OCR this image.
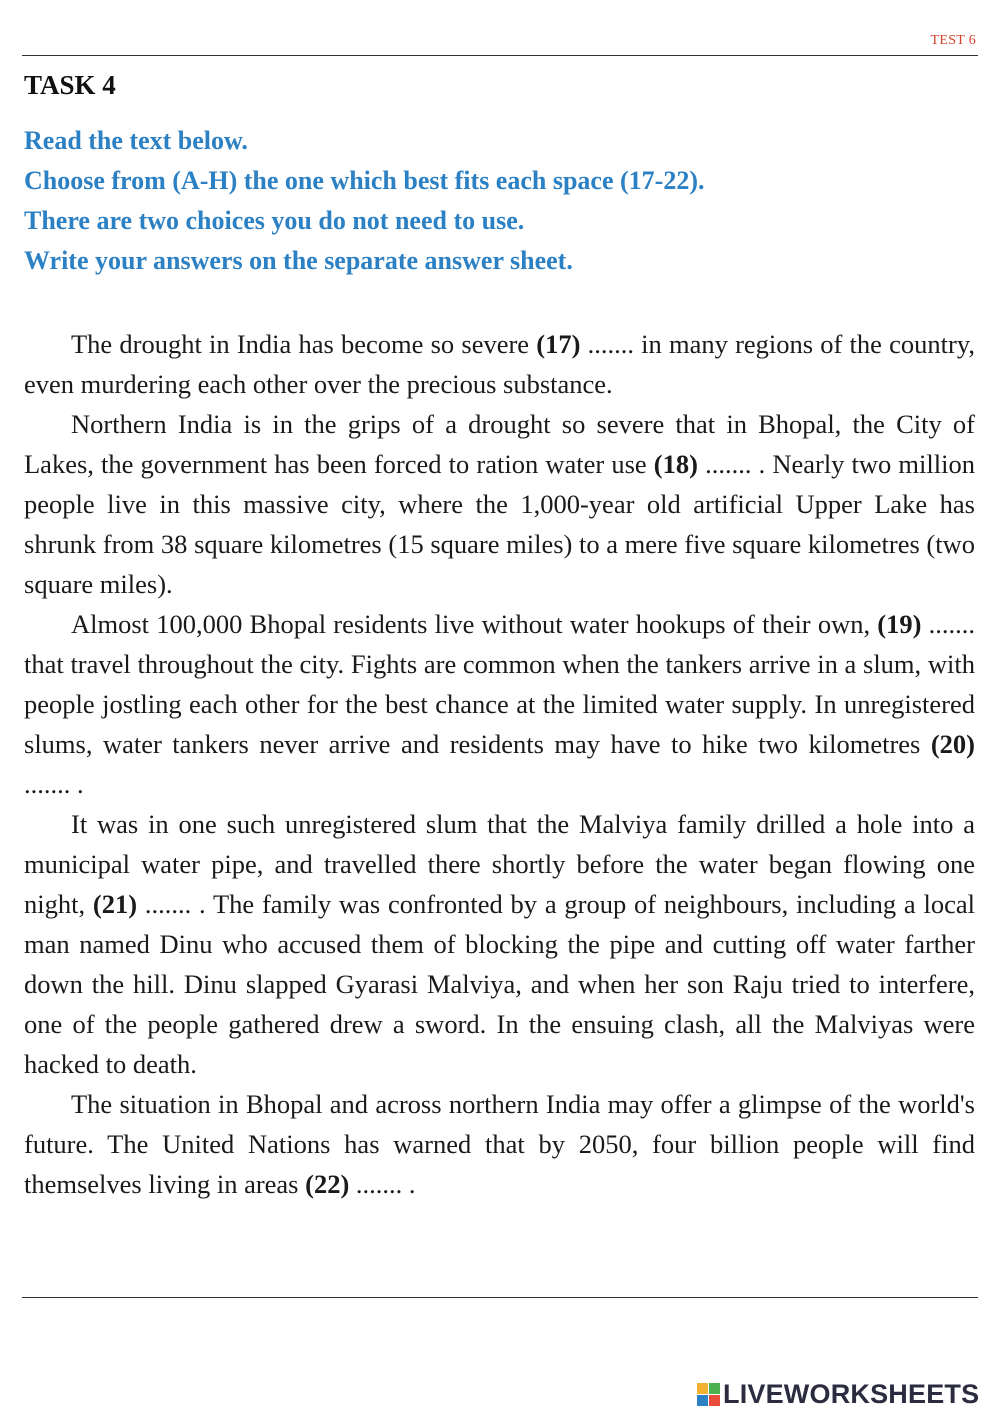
TEST 6
TASK 4
Read the text below.
Choose from (A-H) the one which best fits each space (17-22).
There are two choices you do not need to use.
Write your answers on the separate answer sheet.

The drought in India has become so severe (17) ....... in many regions of the country, even murdering each other over the precious substance.

Northern India is in the grips of a drought so severe that in Bhopal, the City of Lakes, the government has been forced to ration water use (18) ....... . Nearly two million people live in this massive city, where the 1,000-year old artificial Upper Lake has shrunk from 38 square kilometres (15 square miles) to a mere five square kilometres (two square miles).

Almost 100,000 Bhopal residents live without water hookups of their own, (19) ....... that travel throughout the city. Fights are common when the tankers arrive in a slum, with people jostling each other for the best chance at the limited water supply. In unregistered slums, water tankers never arrive and residents may have to hike two kilometres (20) ....... .

It was in one such unregistered slum that the Malviya family drilled a hole into a municipal water pipe, and travelled there shortly before the water began flowing one night, (21) ....... . The family was confronted by a group of neighbours, including a local man named Dinu who accused them of blocking the pipe and cutting off water farther down the hill. Dinu slapped Gyarasi Malviya, and when her son Raju tried to interfere, one of the people gathered drew a sword. In the ensuing clash, all the Malviyas were hacked to death.

The situation in Bhopal and across northern India may offer a glimpse of the world's future. The United Nations has warned that by 2050, four billion people will find themselves living in areas (22) ....... .

LIVEWORKSHEETS
